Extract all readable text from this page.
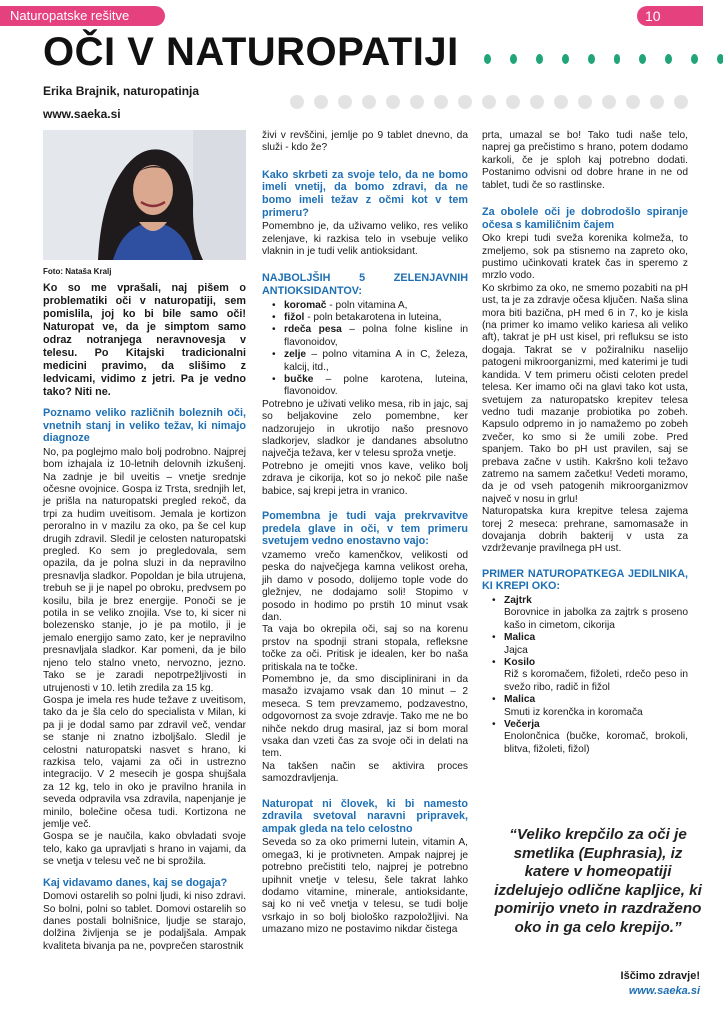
Naturopatske rešitve	10
OČI V NATUROPATIJI
Erika Brajnik, naturopatinja
www.saeka.si
Foto: Nataša Kralj

Ko so me vprašali, naj pišem o problematiki oči v naturopatiji, sem pomislila, joj ko bi bile samo oči! Naturopat ve, da je simptom samo odraz notranjega neravnovesja v telesu. Po Kitajski tradicionalni medicini pravimo, da slišimo z ledvicami, vidimo z jetri. Pa je vedno tako? Niti ne.

Poznamo veliko različnih boleznih oči, vnetnih stanj in veliko težav, ki nimajo diagnoze

No, pa poglejmo malo bolj podrobno. Najprej bom izhajala iz 10-letnih delovnih izkušenj. Na zadnje je bil uveitis – vnetje srednje očesne ovojnice. Gospa iz Trsta, srednjih let, je prišla na naturopatski pregled rekoč, da trpi za hudim uveitisom. Jemala je kortizon peroralno in v mazilu za oko, pa še cel kup drugih zdravil. Sledil je celosten naturopatski pregled. Ko sem jo pregledovala, sem opazila, da je polna sluzi in da nepravilno presnavlja sladkor. Popoldan je bila utrujena, trebuh se ji je napel po obroku, predvsem po kosilu, bila je brez energije. Ponoči se je potila in se veliko znojila. Vse to, ki sicer ni bolezensko stanje, jo je pa motilo, ji je jemalo energijo samo zato, ker je nepravilno presnavljala sladkor. Kar pomeni, da je bilo njeno telo stalno vneto, nervozno, jezno. Tako se je zaradi nepotrpežljivosti in utrujenosti v 10. letih zredila za 15 kg.

Gospa je imela res hude težave z uveitisom, tako da je šla celo do specialista v Milan, ki pa ji je dodal samo par zdravil več, vendar se stanje ni znatno izboljšalo. Sledil je celostni naturopatski nasvet s hrano, ki razkisa telo, vajami za oči in ustrezno integracijo. V 2 mesecih je gospa shujšala za 12 kg, telo in oko je pravilno hranila in seveda odpravila vsa zdravila, napenjanje je minilo, bolečine očesa tudi. Kortizona ne jemlje več.

Gospa se je naučila, kako obvladati svoje telo, kako ga upravljati s hrano in vajami, da se vnetja v telesu več ne bi sprožila.

Kaj vidavamo danes, kaj se dogaja?

Domovi ostarelih so polni ljudi, ki niso zdravi. So bolni, polni so tablet. Domovi ostarelih so danes postali bolnišnice, ljudje se starajo, dolžina življenja se je podaljšala. Ampak kvaliteta bivanja pa ne, povprečen starostnik

živi v revščini, jemlje po 9 tablet dnevno, da služi - kdo že?

Kako skrbeti za svoje telo, da ne bomo imeli vnetij, da bomo zdravi, da ne bomo imeli težav z očmi kot v tem primeru?

Pomembno je, da uživamo veliko, res veliko zelenjave, ki razkisa telo in vsebuje veliko vlaknin in je tudi velik antioksidant.

NAJBOLJŠIH 5 ZELENJAVNIH ANTIOKSIDANTOV:
• koromač - poln vitamina A,
• fižol - poln betakarotena in luteina,
• rdeča pesa – polna folne kisline in flavonoidov,
• zelje – polno vitamina A in C, železa, kalcij, itd.,
• bučke – polne karotena, luteina, flavonoidov.

Potrebno je uživati veliko mesa, rib in jajc, saj so beljakovine zelo pomembne, ker nadzorujejo in ukrotijo našo presnovo sladkorjev, sladkor je dandanes absolutno največja težava, ker v telesu sproža vnetje.

Potrebno je omejiti vnos kave, veliko bolj zdrava je cikorija, kot so jo nekoč pile naše babice, saj krepi jetra in vranico.

Pomembna je tudi vaja prekrvavitve predela glave in oči, v tem primeru svetujem vedno enostavno vajo:

vzamemo vrečo kamenčkov, velikosti od peska do največjega kamna velikost oreha, jih damo v posodo, dolijemo tople vode do gležnjev, ne dodajamo soli! Stopimo v posodo in hodimo po prstih 10 minut vsak dan.

Ta vaja bo okrepila oči, saj so na korenu prstov na spodnji strani stopala, refleksne točke za oči. Pritisk je idealen, ker bo naša pritiskala na te točke.

Pomembno je, da smo disciplinirani in da masažo izvajamo vsak dan 10 minut – 2 meseca. S tem prevzamemo, podzavestno, odgovornost za svoje zdravje. Tako me ne bo nihče nekdo drug masiral, jaz si bom moral vsaka dan vzeti čas za svoje oči in delati na tem.

Na takšen način se aktivira proces samozdravljenja.

Naturopat ni človek, ki bi namesto zdravila svetoval naravni pripravek, ampak gleda na telo celostno

Seveda so za oko primerni lutein, vitamin A, omega3, ki je protivneten. Ampak najprej je potrebno prečistiti telo, najprej je potrebno upihnit vnetje v telesu, šele takrat lahko dodamo vitamine, minerale, antioksidante, saj ko ni več vnetja v telesu, se tudi bolje vsrkajo in so bolj biološko razpoložljivi. Na umazano mizo ne postavimo nikdar čistega

prta, umazal se bo! Tako tudi naše telo, naprej ga prečistimo s hrano, potem dodamo karkoli, če je sploh kaj potrebno dodati. Postanimo odvisni od dobre hrane in ne od tablet, tudi če so rastlinske.

Za obolele oči je dobrodošlo spiranje očesa s kamiličnim čajem

Oko krepi tudi sveža korenika kolmeža, to zmeljemo, sok pa stisnemo na zapreto oko, pustimo učinkovati kratek čas in speremo z mrzlo vodo.

Ko skrbimo za oko, ne smemo pozabiti na pH ust, ta je za zdravje očesa ključen. Naša slina mora biti bazična, pH med 6 in 7, ko je kisla (na primer ko imamo veliko kariesa ali veliko aft), takrat je pH ust kisel, pri refluksu se isto dogaja. Takrat se v požiralniku naselijo patogeni mikroorganizmi, med katerimi je tudi kandida. V tem primeru očisti celoten predel telesa. Ker imamo oči na glavi tako kot usta, svetujem za naturopatsko krepitev telesa vedno tudi mazanje probiotika po zobeh. Kapsulo odpremo in jo namažemo po zobeh zvečer, ko smo si že umili zobe. Pred spanjem. Tako bo pH ust pravilen, saj se prebava začne v ustih. Kakršno koli težavo zatremo na samem začetku! Vedeti moramo, da je od vseh patogenih mikroorganizmov največ v nosu in grlu!

Naturopatska kura krepitve telesa zajema torej 2 meseca: prehrane, samomasaže in dovajanja dobrih bakterij v usta za vzdrževanje pravilnega pH ust.

PRIMER NATUROPATKEGA JEDILNIKA, KI KREPI OKO:
• Zajtrk
Borovnice in jabolka za zajtrk s proseno kašo in cimetom, cikorija
• Malica
Jajca
• Kosilo
Riž s koromačem, fižoleti, rdečo peso in svežo ribo, radič in fižol
• Malica
Smuti iz korenčka in koromača
• Večerja
Enolončnica (bučke, koromač, brokoli, blitva, fižoleti, fižol)
“Veliko krepčilo za oči je smetlika (Euphrasia), iz katere v homeopatiji izdelujejo odlične kapljice, ki pomirijo vneto in razdraženo oko in ga celo krepijo.”
Iščimo zdravje!
www.saeka.si
